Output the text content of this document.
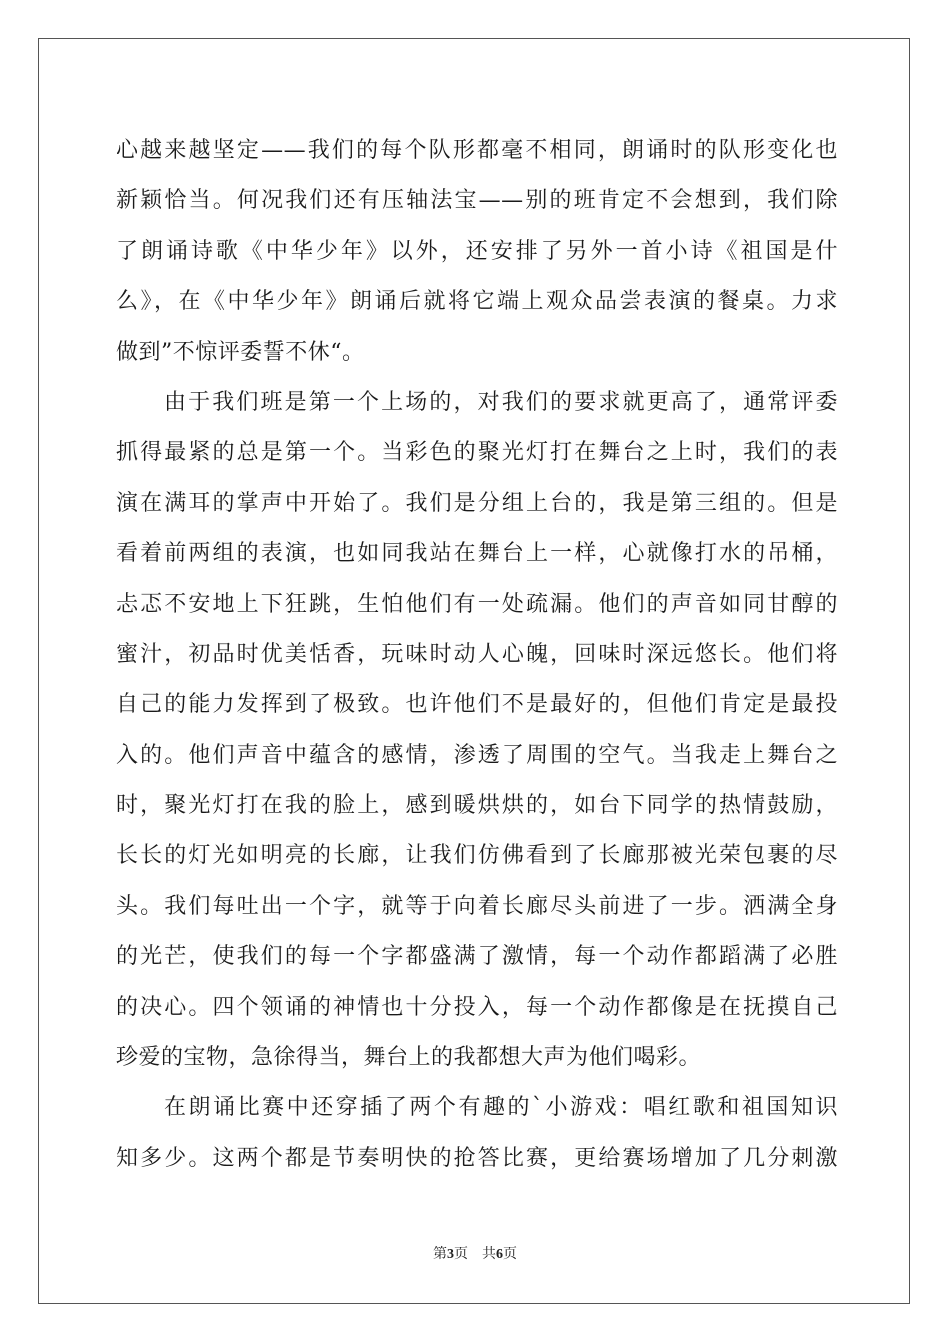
心越来越坚定——我们的每个队形都毫不相同，朗诵时的队形变化也
新颖恰当。何况我们还有压轴法宝——别的班肯定不会想到，我们除
了朗诵诗歌《中华少年》以外，还安排了另外一首小诗《祖国是什
么》，在《中华少年》朗诵后就将它端上观众品尝表演的餐桌。力求
做到”不惊评委誓不休“。
由于我们班是第一个上场的，对我们的要求就更高了，通常评委
抓得最紧的总是第一个。当彩色的聚光灯打在舞台之上时，我们的表
演在满耳的掌声中开始了。我们是分组上台的，我是第三组的。但是
看着前两组的表演，也如同我站在舞台上一样，心就像打水的吊桶，
忐忑不安地上下狂跳，生怕他们有一处疏漏。他们的声音如同甘醇的
蜜汁，初品时优美恬香，玩味时动人心魄，回味时深远悠长。他们将
自己的能力发挥到了极致。也许他们不是最好的，但他们肯定是最投
入的。他们声音中蕴含的感情，渗透了周围的空气。当我走上舞台之
时，聚光灯打在我的脸上，感到暖烘烘的，如台下同学的热情鼓励，
长长的灯光如明亮的长廊，让我们仿佛看到了长廊那被光荣包裹的尽
头。我们每吐出一个字，就等于向着长廊尽头前进了一步。洒满全身
的光芒，使我们的每一个字都盛满了激情，每一个动作都蹈满了必胜
的决心。四个领诵的神情也十分投入，每一个动作都像是在抚摸自己
珍爱的宝物，急徐得当，舞台上的我都想大声为他们喝彩。
在朗诵比赛中还穿插了两个有趣的`小游戏：唱红歌和祖国知识
知多少。这两个都是节奏明快的抢答比赛，更给赛场增加了几分刺激
第3页 共6页
